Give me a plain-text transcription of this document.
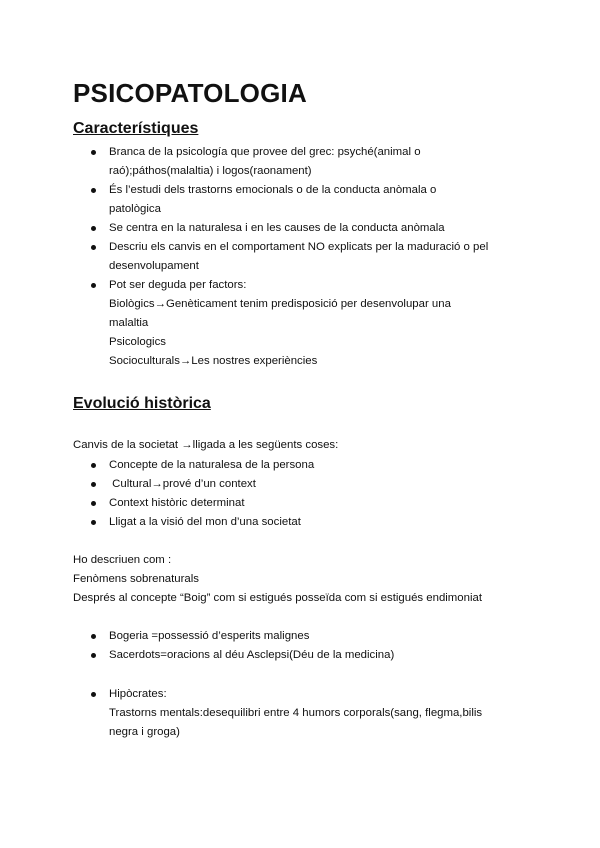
PSICOPATOLOGIA
Característiques
Branca de la psicología que provee del grec: psyché(animal o
raó);páthos(malaltia) i logos(raonament)
És l’estudi dels trastorns emocionals o de la conducta anòmala o
patològica
Se centra en la naturalesa i en les causes de la conducta anòmala
Descriu els canvis en el comportament NO explicats per la maduració o pel
desenvolupament
Pot ser deguda per factors:
Biològics→Genèticament tenim predisposició per desenvolupar una
malaltia
Psicologics
Socioculturals→Les nostres experiències
Evolució històrica
Canvis de la societat →lligada a les següents coses:
Concepte de la naturalesa de la persona
Cultural→prové d’un context
Context històric determinat
Lligat a la visió del mon d’una societat
Ho descriuen com :
Fenòmens sobrenaturals
Després al concepte “Boig” com si estigués posseïda com si estigués endimoniat
Bogeria =possessió d’esperits malignes
Sacerdots=oracions al déu Asclepsi(Déu de la medicina)
Hipòcrates:
Trastorns mentals:desequilibri entre 4 humors corporals(sang, flegma,bilis
negra i groga)
